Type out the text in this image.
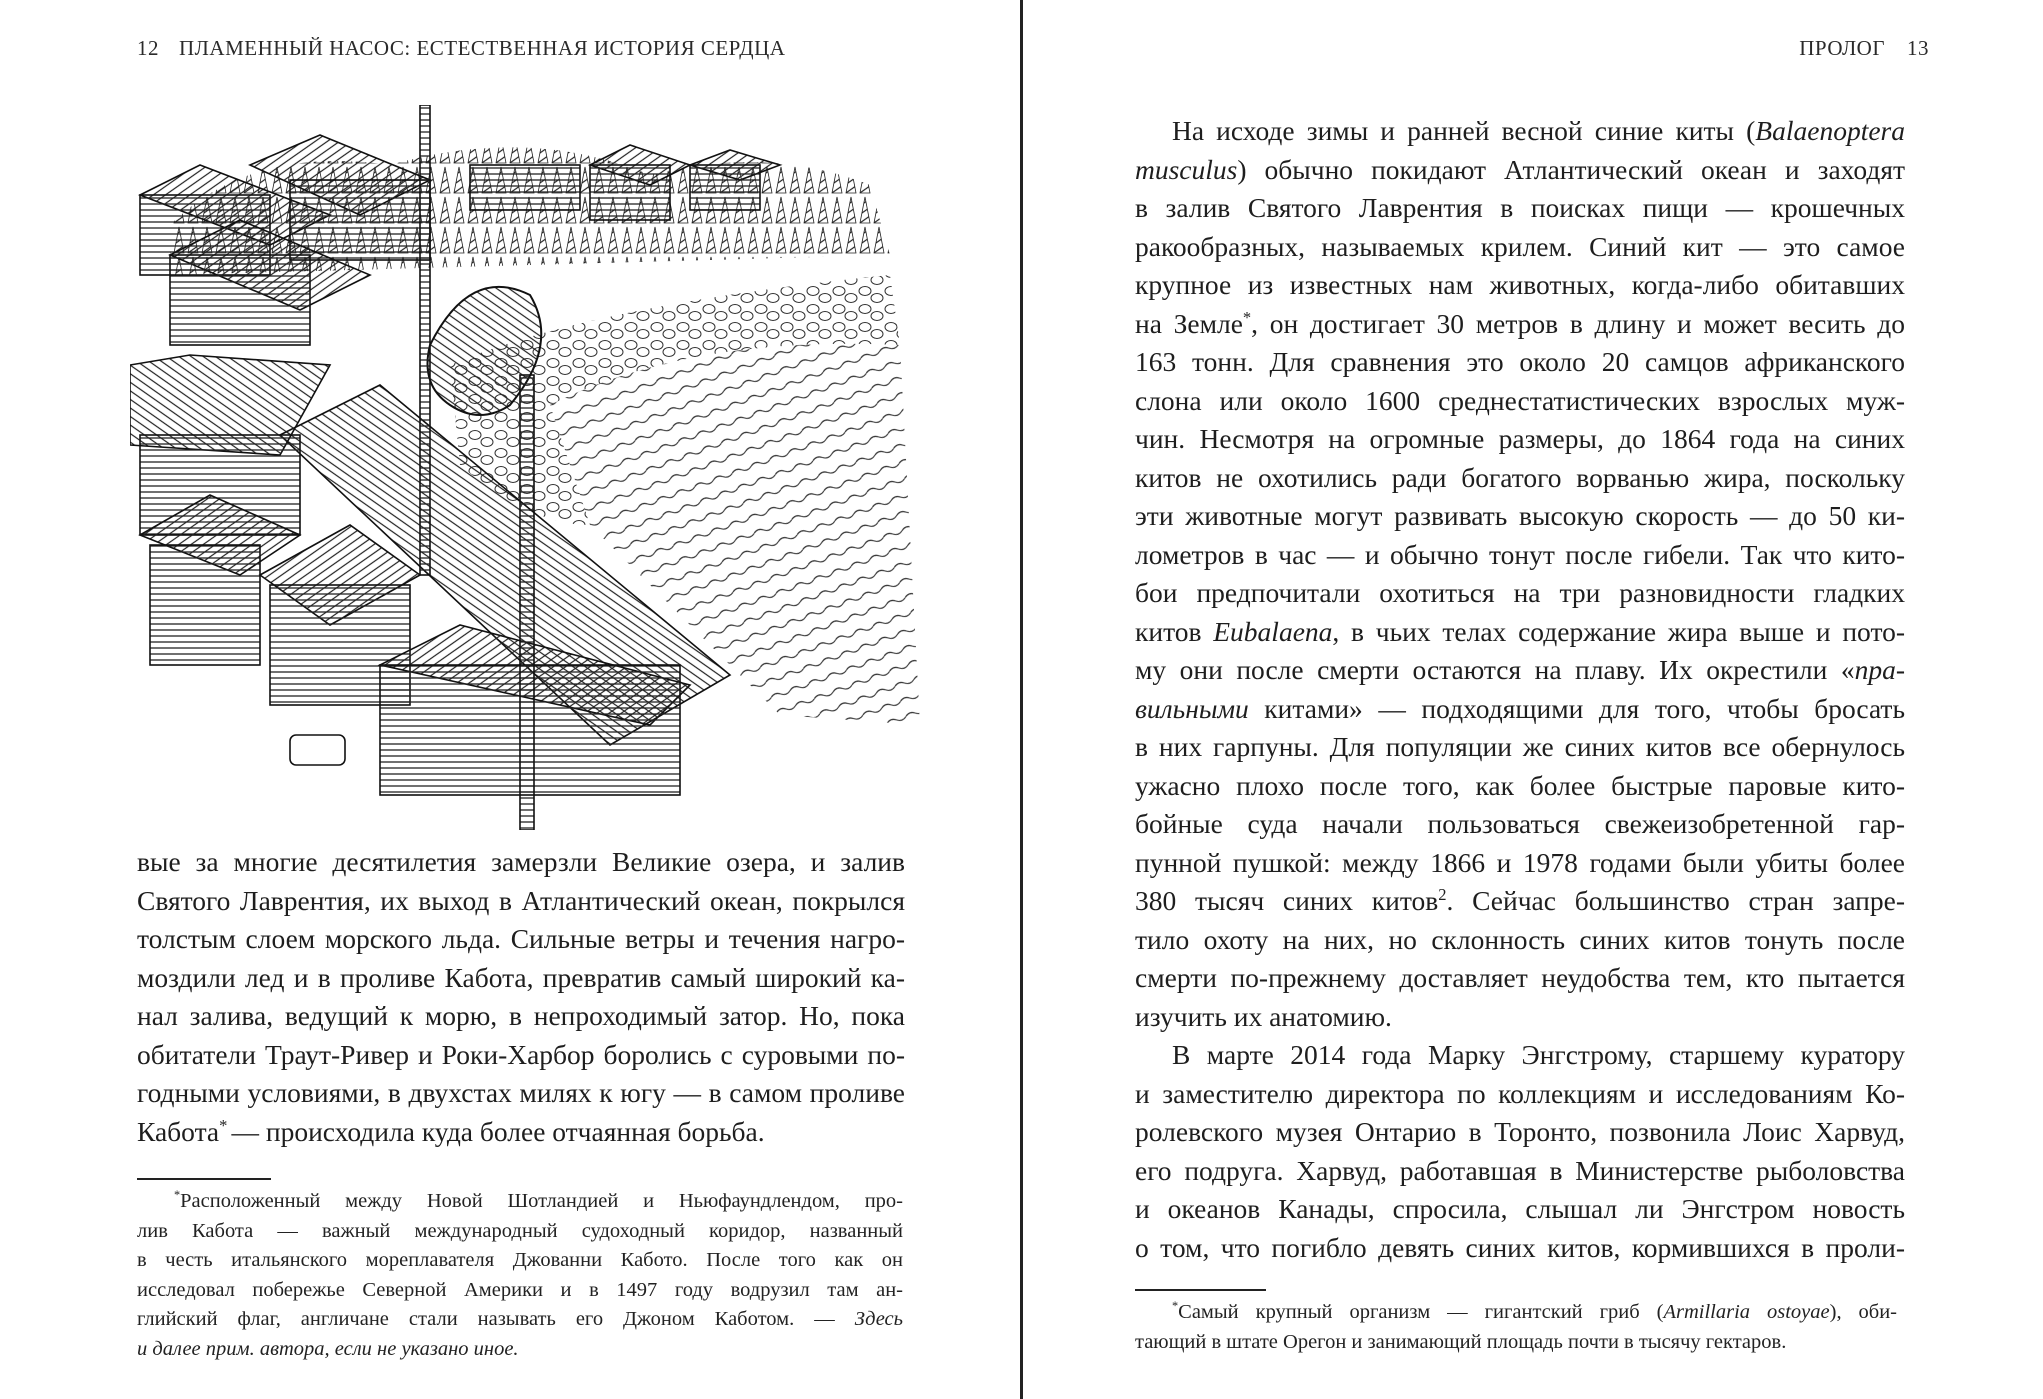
12 ПЛАМЕННЫЙ НАСОС: ЕСТЕСТВЕННАЯ ИСТОРИЯ СЕРДЦА
вые за многие десятилетия замерзли Великие озера, и залив
Святого Лаврентия, их выход в Атлантический океан, покрылся
толстым слоем морского льда. Сильные ветры и течения нагро-
моздили лед и в проливе Кабота, превратив самый широкий ка-
нал залива, ведущий к морю, в непроходимый затор. Но, пока
обитатели Траут-Ривер и Роки-Харбор боролись с суровыми по-
годными условиями, в двухстах милях к югу — в самом проливе
Кабота* — происходила куда более отчаянная борьба.
*Расположенный между Новой Шотландией и Ньюфаундлендом, про-
лив Кабота — важный международный судоходный коридор, названный
в честь итальянского мореплавателя Джованни Кабото. После того как он
исследовал побережье Северной Америки и в 1497 году водрузил там ан-
глийский флаг, англичане стали называть его Джоном Каботом. — Здесь
и далее прим. автора, если не указано иное.
ПРОЛОГ 13
На исходе зимы и ранней весной синие киты (Balaenoptera
musculus) обычно покидают Атлантический океан и заходят
в залив Святого Лаврентия в поисках пищи — крошечных
ракообразных, называемых крилем. Синий кит — это самое
крупное из известных нам животных, когда-либо обитавших
на Земле*, он достигает 30 метров в длину и может весить до
163 тонн. Для сравнения это около 20 самцов африканского
слона или около 1600 среднестатистических взрослых муж-
чин. Несмотря на огромные размеры, до 1864 года на синих
китов не охотились ради богатого ворванью жира, поскольку
эти животные могут развивать высокую скорость — до 50 ки-
лометров в час — и обычно тонут после гибели. Так что кито-
бои предпочитали охотиться на три разновидности гладких
китов Eubalaena, в чьих телах содержание жира выше и пото-
му они после смерти остаются на плаву. Их окрестили «пра-
вильными китами» — подходящими для того, чтобы бросать
в них гарпуны. Для популяции же синих китов все обернулось
ужасно плохо после того, как более быстрые паровые кито-
бойные суда начали пользоваться свежеизобретенной гар-
пунной пушкой: между 1866 и 1978 годами были убиты более
380 тысяч синих китов$^2$. Сейчас большинство стран запре-
тило охоту на них, но склонность синих китов тонуть после
смерти по-прежнему доставляет неудобства тем, кто пытается
изучить их анатомию.
В марте 2014 года Марку Энгстрому, старшему куратору
и заместителю директора по коллекциям и исследованиям Ко-
ролевского музея Онтарио в Торонто, позвонила Лоис Харвуд,
его подруга. Харвуд, работавшая в Министерстве рыболовства
и океанов Канады, спросила, слышал ли Энгстром новость
о том, что погибло девять синих китов, кормившихся в проли-
*Самый крупный организм — гигантский гриб (Armillaria ostoyae), оби-
тающий в штате Орегон и занимающий площадь почти в тысячу гектаров.
